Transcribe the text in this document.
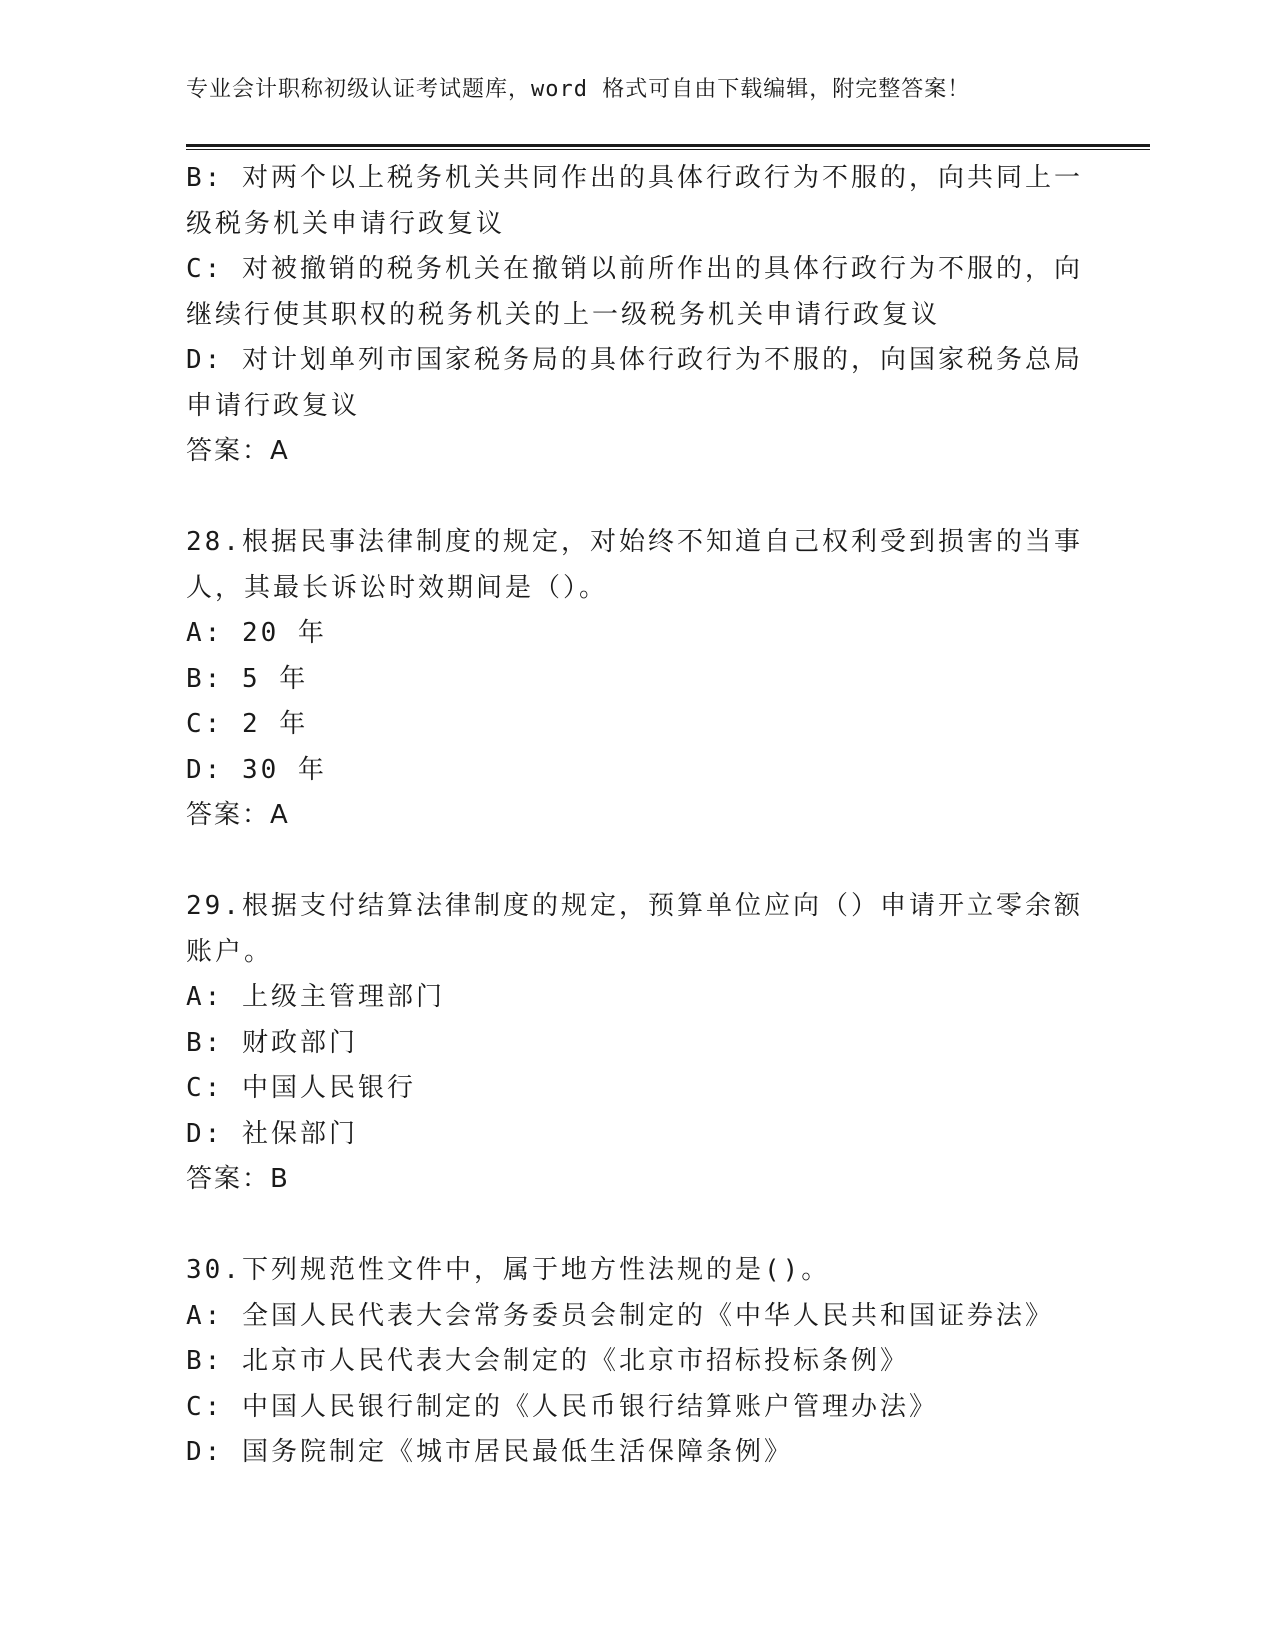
专业会计职称初级认证考试题库，word 格式可自由下载编辑，附完整答案！
B: 对两个以上税务机关共同作出的具体行政行为不服的，向共同上一
级税务机关申请行政复议
C: 对被撤销的税务机关在撤销以前所作出的具体行政行为不服的，向
继续行使其职权的税务机关的上一级税务机关申请行政复议
D: 对计划单列市国家税务局的具体行政行为不服的，向国家税务总局
申请行政复议
答案：A
28.根据民事法律制度的规定，对始终不知道自己权利受到损害的当事
人，其最长诉讼时效期间是（）。
A: 20 年
B: 5 年
C: 2 年
D: 30 年
答案：A
29.根据支付结算法律制度的规定，预算单位应向（）申请开立零余额
账户。
A: 上级主管理部门
B: 财政部门
C: 中国人民银行
D: 社保部门
答案：B
30.下列规范性文件中，属于地方性法规的是()。
A: 全国人民代表大会常务委员会制定的《中华人民共和国证券法》
B: 北京市人民代表大会制定的《北京市招标投标条例》
C: 中国人民银行制定的《人民币银行结算账户管理办法》
D: 国务院制定《城市居民最低生活保障条例》
